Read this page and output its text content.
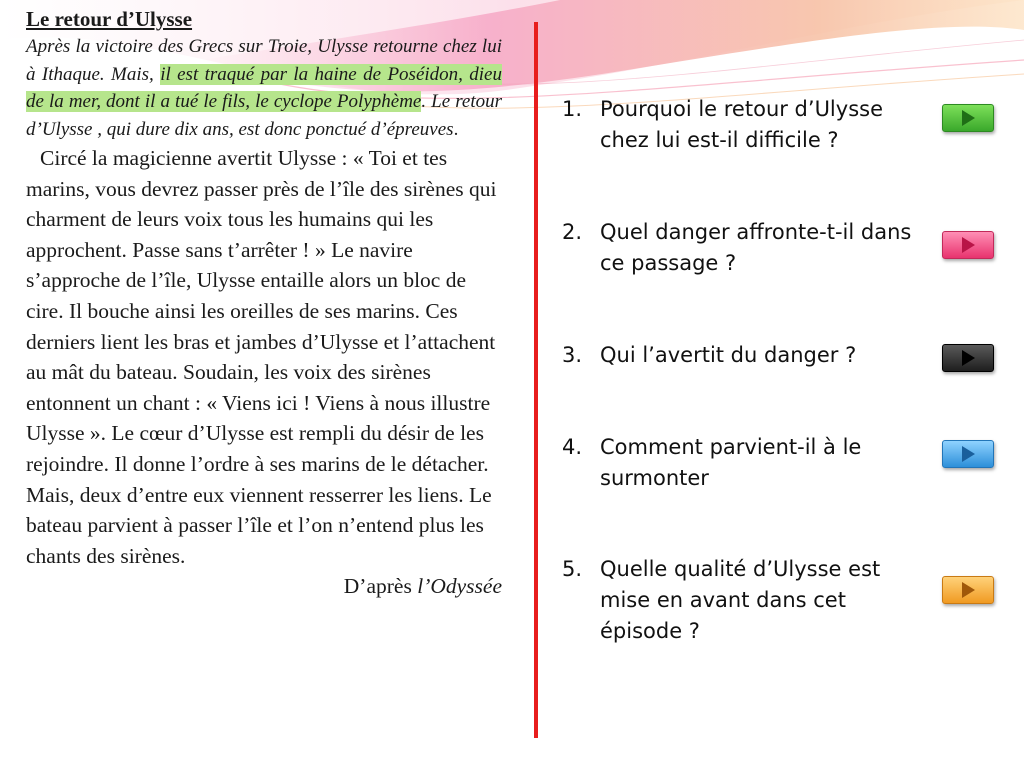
Le retour d’Ulysse

Après la victoire des Grecs sur Troie, Ulysse retourne chez lui à Ithaque. Mais, il est traqué par la haine de Poséidon, dieu de la mer, dont il a tué le fils, le cyclope Polyphème. Le retour d’Ulysse , qui dure dix ans, est donc ponctué d’épreuves.

Circé la magicienne avertit Ulysse : « Toi et tes marins, vous devrez passer près de l’île des sirènes qui charment de leurs voix tous les humains qui les approchent. Passe sans t’arrêter ! » Le navire s’approche de l’île, Ulysse entaille alors un bloc de cire. Il bouche ainsi les oreilles de ses marins. Ces derniers lient les bras et jambes d’Ulysse et l’attachent au mât du bateau. Soudain, les voix des sirènes entonnent un chant : « Viens ici ! Viens à nous illustre Ulysse ». Le cœur d’Ulysse est rempli du désir de les rejoindre. Il donne l’ordre à ses marins de le détacher. Mais, deux d’entre eux viennent resserrer les liens. Le bateau parvient à passer l’île et l’on n’entend plus les chants des sirènes.

D’après l’Odyssée

1. Pourquoi le retour d’Ulysse chez lui est-il difficile ?
2. Quel danger affronte-t-il dans ce passage ?
3. Qui l’avertit du danger ?
4. Comment parvient-il à le surmonter
5. Quelle qualité d’Ulysse est mise en avant dans cet épisode ?
